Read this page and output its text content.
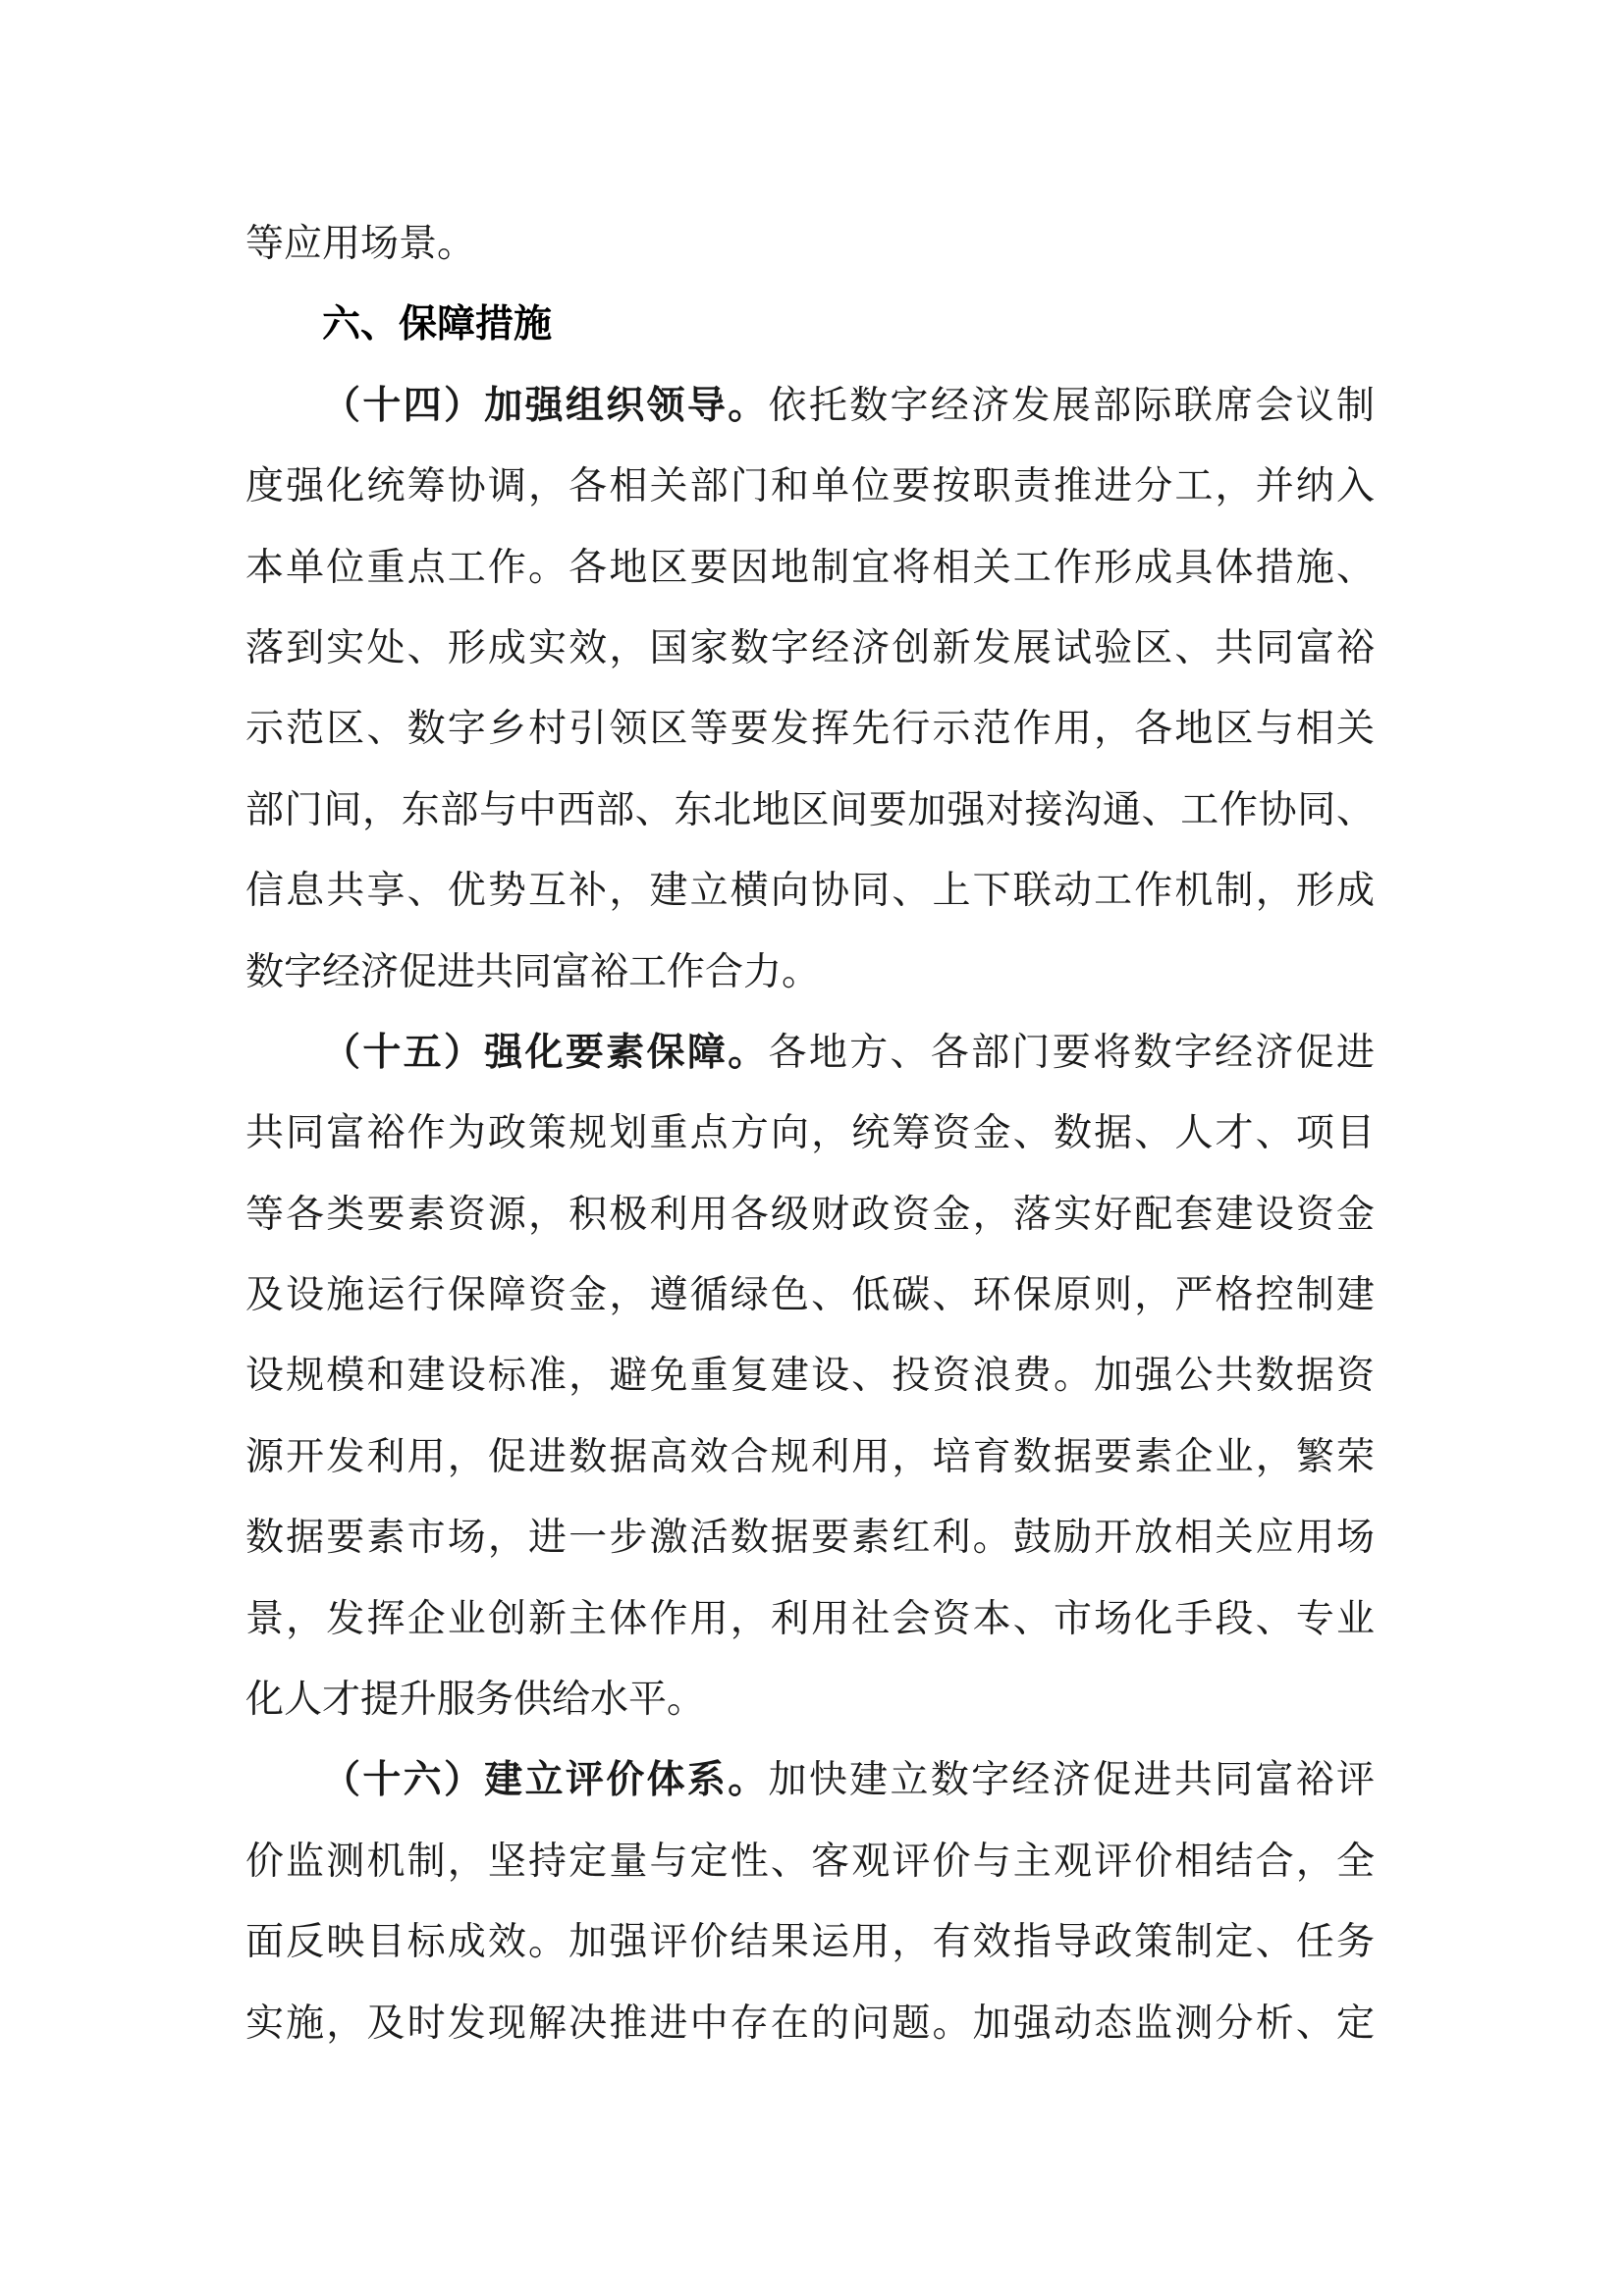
等应用场景。
六、保障措施
（十四）加强组织领导。依托数字经济发展部际联席会议制
度强化统筹协调，各相关部门和单位要按职责推进分工，并纳入
本单位重点工作。各地区要因地制宜将相关工作形成具体措施、
落到实处、形成实效，国家数字经济创新发展试验区、共同富裕
示范区、数字乡村引领区等要发挥先行示范作用，各地区与相关
部门间，东部与中西部、东北地区间要加强对接沟通、工作协同、
信息共享、优势互补，建立横向协同、上下联动工作机制，形成
数字经济促进共同富裕工作合力。
（十五）强化要素保障。各地方、各部门要将数字经济促进
共同富裕作为政策规划重点方向，统筹资金、数据、人才、项目
等各类要素资源，积极利用各级财政资金，落实好配套建设资金
及设施运行保障资金，遵循绿色、低碳、环保原则，严格控制建
设规模和建设标准，避免重复建设、投资浪费。加强公共数据资
源开发利用，促进数据高效合规利用，培育数据要素企业，繁荣
数据要素市场，进一步激活数据要素红利。鼓励开放相关应用场
景，发挥企业创新主体作用，利用社会资本、市场化手段、专业
化人才提升服务供给水平。
（十六）建立评价体系。加快建立数字经济促进共同富裕评
价监测机制，坚持定量与定性、客观评价与主观评价相结合，全
面反映目标成效。加强评价结果运用，有效指导政策制定、任务
实施，及时发现解决推进中存在的问题。加强动态监测分析、定
